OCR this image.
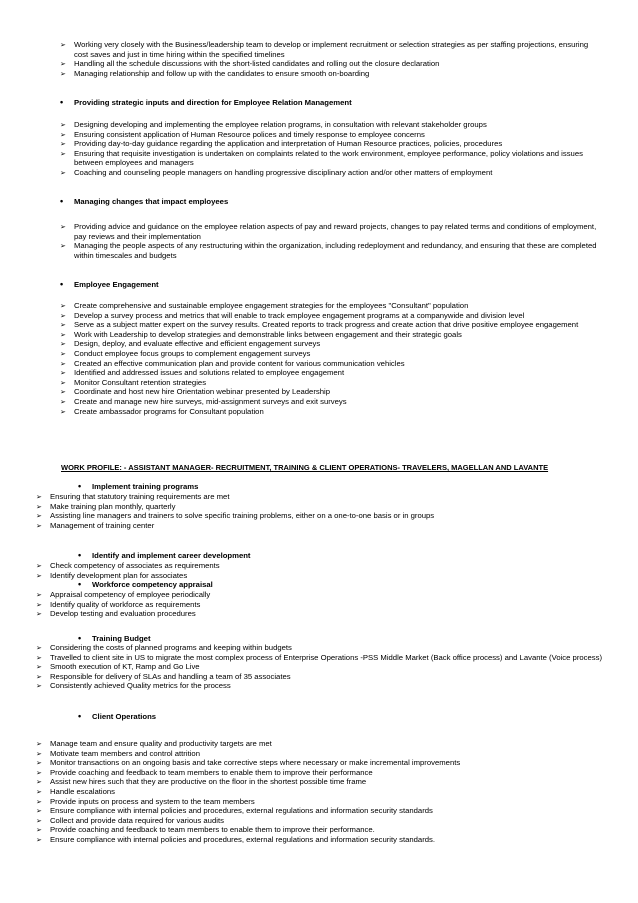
➢
Working very closely with the Business/leadership team to develop or implement recruitment or selection strategies as per staffing projections, ensuring cost saves and just in time hiring within the specified timelines
➢
Handling all the schedule discussions with the short-listed candidates and rolling out the closure declaration
➢
Managing relationship and follow up with the candidates to ensure smooth on-boarding
•
Providing strategic inputs and direction for Employee Relation Management
➢
Designing developing and implementing the employee relation programs, in consultation with relevant stakeholder groups
➢
Ensuring consistent application of Human Resource polices and timely response to employee concerns
➢
Providing day-to-day guidance regarding the application and interpretation of Human Resource practices, policies, procedures
➢
Ensuring that requisite investigation is undertaken on complaints related to the work environment, employee performance, policy violations and issues between employees and managers
➢
Coaching and counseling people managers on handling progressive disciplinary action and/or other matters of employment
•
Managing changes that impact employees
➢
Providing advice and guidance on the employee relation aspects of pay and reward projects, changes to pay related terms and conditions of employment, pay reviews and their implementation
➢
Managing the people aspects of any restructuring within the organization, including redeployment and redundancy, and ensuring that these are completed within timescales and budgets
•
Employee Engagement
➢
Create comprehensive and sustainable employee engagement strategies for the employees "Consultant" population
➢
Develop a survey process and metrics that will enable to track employee engagement programs at a companywide and division level
➢
Serve as a subject matter expert on the survey results. Created reports to track progress and create action that drive positive employee engagement
➢
Work with Leadership to develop strategies and demonstrable links between engagement and their strategic goals
➢
Design, deploy, and evaluate effective and efficient engagement surveys
➢
Conduct employee focus groups to complement engagement surveys
➢
Created an effective communication plan and provide content for various communication vehicles
➢
Identified and addressed issues and solutions related to employee engagement
➢
Monitor Consultant retention strategies
➢
Coordinate and host new hire Orientation webinar presented by Leadership
➢
Create and manage new hire surveys, mid-assignment surveys and exit surveys
➢
Create ambassador programs for Consultant population
•
Implement training programs
➢
Ensuring that statutory training requirements are met
➢
Make training plan monthly, quarterly
➢
Assisting line managers and trainers to solve specific training problems, either on a one-to-one basis or in groups
➢
Management of training center
•
Identify and implement career development
➢
Check competency of associates as requirements
➢
Identify development plan for associates
•
Workforce competency appraisal
➢
Appraisal competency of employee periodically
➢
Identify quality of workforce as requirements
➢
Develop testing and evaluation procedures
•
Training Budget
➢
Considering the costs of planned programs and keeping within budgets
➢
Travelled to client site in US to migrate the most complex process of Enterprise Operations -PSS Middle Market (Back office process) and Lavante (Voice process)
➢
Smooth execution of KT, Ramp and Go Live
➢
Responsible for delivery of SLAs and handling a team of 35 associates
➢
Consistently achieved Quality metrics for the process
•
Client Operations
➢
Manage team and ensure quality and productivity targets are met
➢
Motivate team members and control attrition
➢
Monitor transactions on an ongoing basis and take corrective steps where necessary or make incremental improvements
➢
Provide coaching and feedback to team members to enable them to improve their performance
➢
Assist new hires such that they are productive on the floor in the shortest possible time frame
➢
Handle escalations
➢
Provide inputs on process and system to the team members
➢
Ensure compliance with internal policies and procedures, external regulations and information security standards
➢
Collect and provide data required for various audits
➢
Provide coaching and feedback to team members to enable them to improve their performance.
➢
Ensure compliance with internal policies and procedures, external regulations and information security standards.
WORK PROFILE: - ASSISTANT MANAGER- RECRUITMENT, TRAINING & CLIENT OPERATIONS- TRAVELERS, MAGELLAN AND LAVANTE
